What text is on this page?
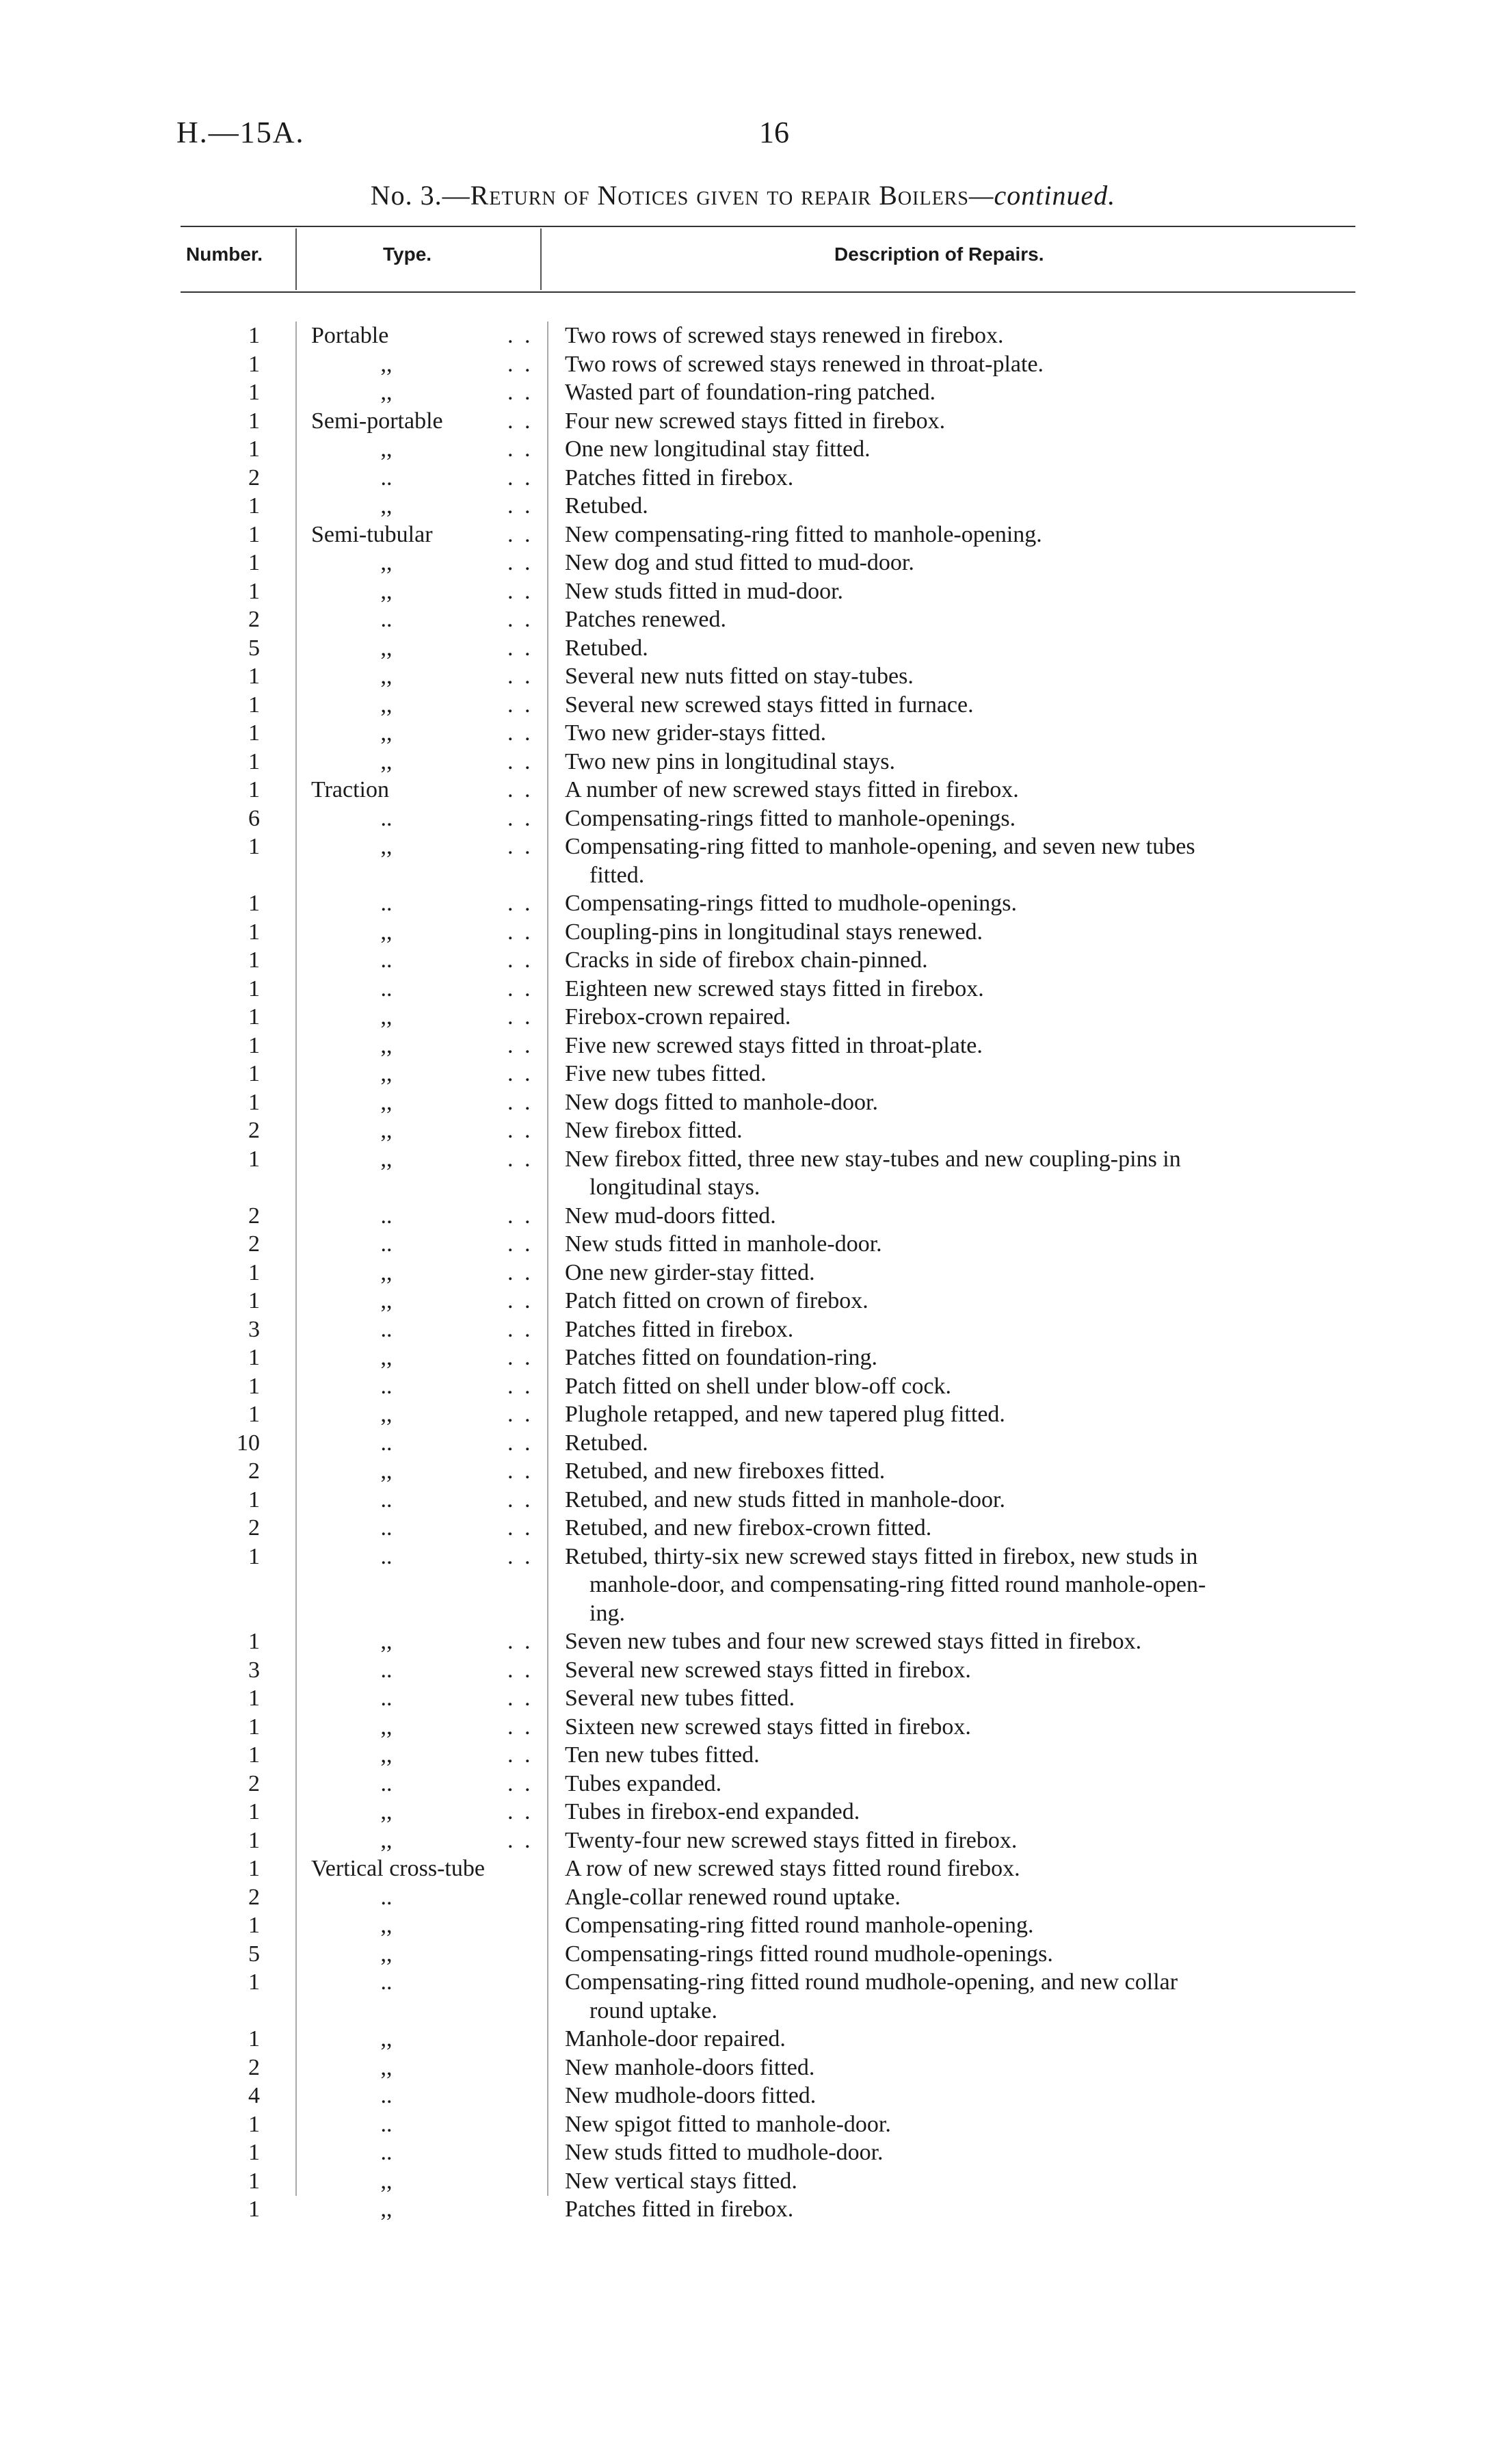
H.—15A.	16
No. 3.—Return of Notices given to repair Boilers—continued.
Number.	Type.	Description of Repairs.
1 Portable	. . Two rows of screwed stays renewed in firebox.
1	,,	. . Two rows of screwed stays renewed in throat-plate.
1	,,	. . Wasted part of foundation-ring patched.
1 Semi-portable	. . Four new screwed stays fitted in firebox.
1	,,	. . One new longitudinal stay fitted.
2	..	. . Patches fitted in firebox.
1	,,	. . Retubed.
1 Semi-tubular	. . New compensating-ring fitted to manhole-opening.
1	,,	. . New dog and stud fitted to mud-door.
1	,,	. . New studs fitted in mud-door.
2	..	. . Patches renewed.
5	,,	. . Retubed.
1	,,	. . Several new nuts fitted on stay-tubes.
1	,,	. . Several new screwed stays fitted in furnace.
1	,,	. . Two new grider-stays fitted.
1	,,	. . Two new pins in longitudinal stays.
1 Traction	. . A number of new screwed stays fitted in firebox.
6	..	. . Compensating-rings fitted to manhole-openings.
1	,,	. . Compensating-ring fitted to manhole-opening, and seven new tubes
fitted.
1	..	. . Compensating-rings fitted to mudhole-openings.
1	,,	. . Coupling-pins in longitudinal stays renewed.
1	..	. . Cracks in side of firebox chain-pinned.
1	..	. . Eighteen new screwed stays fitted in firebox.
1	,,	. . Firebox-crown repaired.
1	,,	. . Five new screwed stays fitted in throat-plate.
1	,,	. . Five new tubes fitted.
1	,,	. . New dogs fitted to manhole-door.
2	,,	. . New firebox fitted.
1	,,	. . New firebox fitted, three new stay-tubes and new coupling-pins in
longitudinal stays.
2	..	. . New mud-doors fitted.
2	..	. . New studs fitted in manhole-door.
1	,,	. . One new girder-stay fitted.
1	,,	. . Patch fitted on crown of firebox.
3	..	. . Patches fitted in firebox.
1	,,	. . Patches fitted on foundation-ring.
1	..	. . Patch fitted on shell under blow-off cock.
1	,,	. . Plughole retapped, and new tapered plug fitted.
10	..	. . Retubed.
2	,,	. . Retubed, and new fireboxes fitted.
1	..	. . Retubed, and new studs fitted in manhole-door.
2	..	. . Retubed, and new firebox-crown fitted.
1	..	. . Retubed, thirty-six new screwed stays fitted in firebox, new studs in
manhole-door, and compensating-ring fitted round manhole-open-
ing.
1	,,	. . Seven new tubes and four new screwed stays fitted in firebox.
3	..	. . Several new screwed stays fitted in firebox.
1	..	. . Several new tubes fitted.
1	,,	. . Sixteen new screwed stays fitted in firebox.
1	,,	. . Ten new tubes fitted.
2	..	. . Tubes expanded.
1	,,	. . Tubes in firebox-end expanded.
1	,,	. . Twenty-four new screwed stays fitted in firebox.
1 Vertical cross-tube	A row of new screwed stays fitted round firebox.
2	..	Angle-collar renewed round uptake.
1	,,	Compensating-ring fitted round manhole-opening.
5	,,	Compensating-rings fitted round mudhole-openings.
1	..	Compensating-ring fitted round mudhole-opening, and new collar
round uptake.
1	,,	Manhole-door repaired.
2	,,	New manhole-doors fitted.
4	..	New mudhole-doors fitted.
1	..	New spigot fitted to manhole-door.
1	..	New studs fitted to mudhole-door.
1	,,	New vertical stays fitted.
1	,,	Patches fitted in firebox.
